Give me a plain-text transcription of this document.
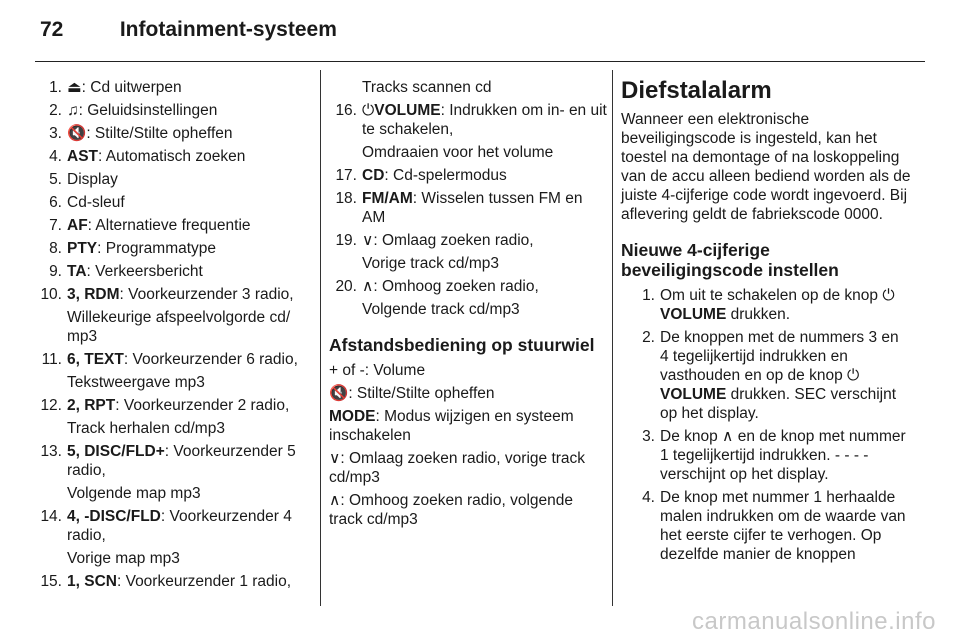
72	Infotainment-systeem
1. ⏏: Cd uitwerpen
2. ♫: Geluidsinstellingen
3. 🔇: Stilte/Stilte opheffen
4. AST: Automatisch zoeken
5. Display
6. Cd-sleuf
7. AF: Alternatieve frequentie
8. PTY: Programmatype
9. TA: Verkeersbericht
10. 3, RDM: Voorkeurzender 3 radio,
Willekeurige afspeelvolgorde cd/ mp3
11. 6, TEXT: Voorkeurzender 6 radio,
Tekstweergave mp3
12. 2, RPT: Voorkeurzender 2 radio,
Track herhalen cd/mp3
13. 5, DISC/FLD+: Voorkeurzender 5 radio,
Volgende map mp3
14. 4, -DISC/FLD: Voorkeurzender 4 radio,
Vorige map mp3
15. 1, SCN: Voorkeurzender 1 radio,
Tracks scannen cd
16. ⏻VOLUME: Indrukken om in- en uit te schakelen,
Omdraaien voor het volume
17. CD: Cd-spelermodus
18. FM/AM: Wisselen tussen FM en AM
19. ∨: Omlaag zoeken radio,
Vorige track cd/mp3
20. ∧: Omhoog zoeken radio,
Volgende track cd/mp3
Afstandsbediening op stuurwiel

+ of -: Volume

🔇: Stilte/Stilte opheffen

MODE: Modus wijzigen en systeem inschakelen

∨: Omlaag zoeken radio, vorige track cd/mp3

∧: Omhoog zoeken radio, volgende track cd/mp3

Diefstalalarm

Wanneer een elektronische beveiligingscode is ingesteld, kan het toestel na demontage of na loskoppeling van de accu alleen bediend worden als de juiste 4-cijferige code wordt ingevoerd. Bij aflevering geldt de fabriekscode 0000.

Nieuwe 4-cijferige beveiligingscode instellen
1. Om uit te schakelen op de knop ⏻ VOLUME drukken.
2. De knoppen met de nummers 3 en 4 tegelijkertijd indrukken en vasthouden en op de knop ⏻ VOLUME drukken. SEC verschijnt op het display.
3. De knop ∧ en de knop met nummer 1 tegelijkertijd indrukken. - - - - verschijnt op het display.
4. De knop met nummer 1 herhaalde malen indrukken om de waarde van het eerste cijfer te verhogen. Op dezelfde manier de knoppen
carmanualsonline.info
